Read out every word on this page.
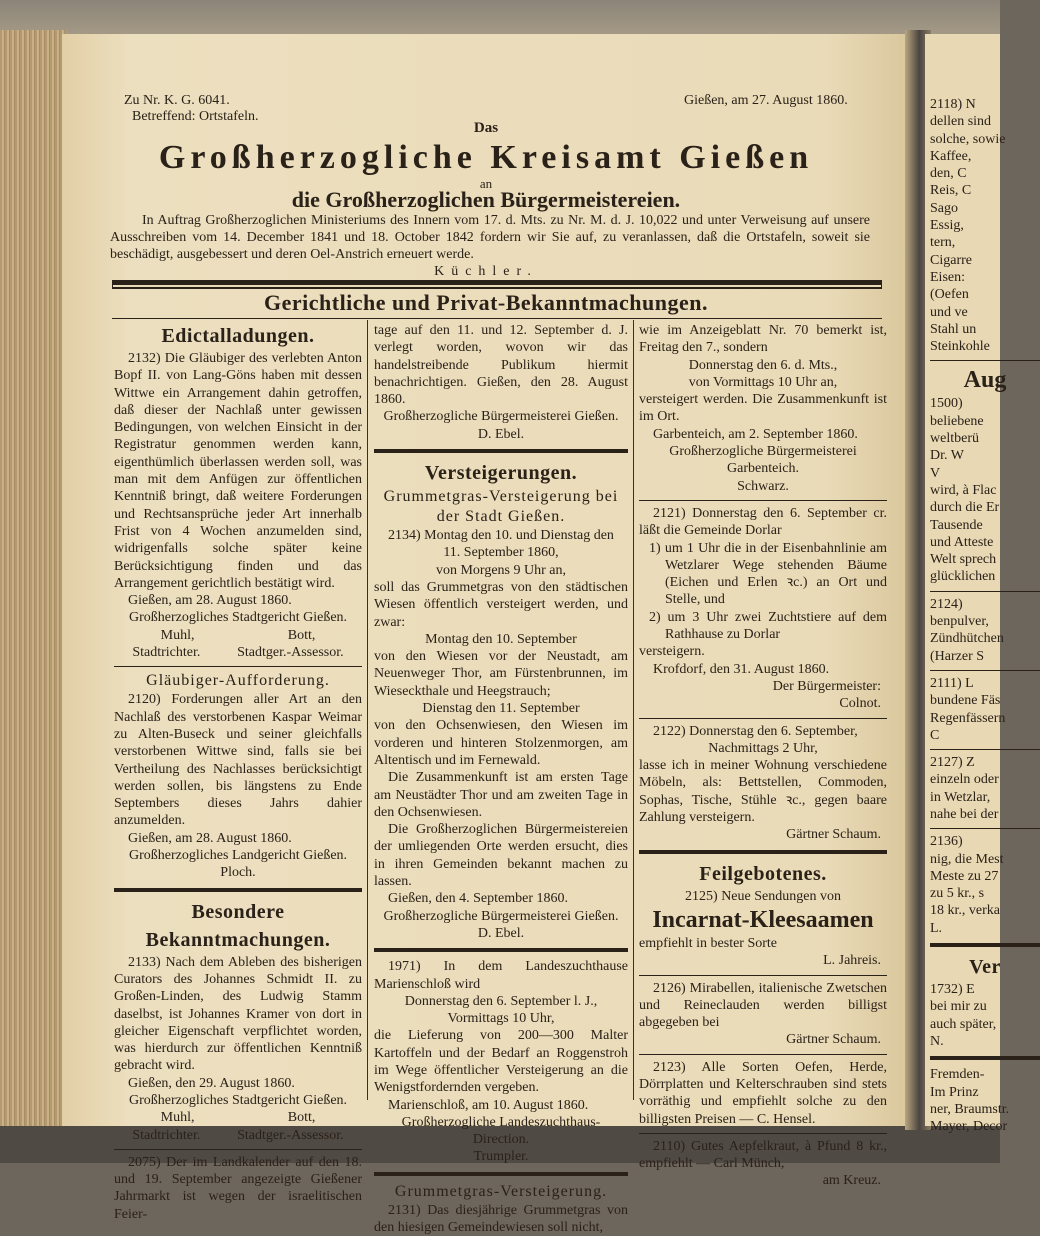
Zu Nr. K. G. 6041.
Betreffend: Ortstafeln.
Gießen, am 27. August 1860.
Das
Großherzogliche Kreisamt Gießen
an
die Großherzoglichen Bürgermeistereien.
In Auftrag Großherzoglichen Ministeriums des Innern vom 17. d. Mts. zu Nr. M. d. J. 10,022 und unter Verweisung auf unsere Ausschreiben vom 14. December 1841 und 18. October 1842 fordern wir Sie auf, zu veranlassen, daß die Ortstafeln, soweit sie beschädigt, ausgebessert und deren Oel-Anstrich erneuert werde.
Küchler.
Gerichtliche und Privat-Bekanntmachungen.
Edictalladungen.
2132) Die Gläubiger des verlebten Anton Bopf II. von Lang-Göns haben mit dessen Wittwe ein Arrangement dahin getroffen, daß dieser der Nachlaß unter gewissen Bedingungen, von welchen Einsicht in der Registratur genommen werden kann, eigenthümlich überlassen werden soll, was man mit dem Anfügen zur öffentlichen Kenntniß bringt, daß weitere Forderungen und Rechtsansprüche jeder Art innerhalb Frist von 4 Wochen anzumelden sind, widrigenfalls solche später keine Berücksichtigung finden und das Arrangement gerichtlich bestätigt wird.
Gießen, am 28. August 1860.
Großherzogliches Stadtgericht Gießen.
Muhl,	Bott,
Stadtrichter.	Stadtger.-Assessor.
Gläubiger-Aufforderung.
2120) Forderungen aller Art an den Nachlaß des verstorbenen Kaspar Weimar zu Alten-Buseck und seiner gleichfalls verstorbenen Wittwe sind, falls sie bei Vertheilung des Nachlasses berücksichtigt werden sollen, bis längstens zu Ende Septembers dieses Jahrs dahier anzumelden.
Gießen, am 28. August 1860.
Großherzogliches Landgericht Gießen.
Ploch.
Besondere Bekanntmachungen.
2133) Nach dem Ableben des bisherigen Curators des Johannes Schmidt II. zu Großen-Linden, des Ludwig Stamm daselbst, ist Johannes Kramer von dort in gleicher Eigenschaft verpflichtet worden, was hierdurch zur öffentlichen Kenntniß gebracht wird.
Gießen, den 29. August 1860.
Großherzogliches Stadtgericht Gießen.
Muhl,	Bott,
Stadtrichter.	Stadtger.-Assessor.
2075) Der im Landkalender auf den 18. und 19. September angezeigte Gießener Jahrmarkt ist wegen der israelitischen Feier-
tage auf den 11. und 12. September d. J. verlegt worden, wovon wir das handelstreibende Publikum hiermit benachrichtigen. Gießen, den 28. August 1860.
Großherzogliche Bürgermeisterei Gießen.
D. Ebel.
Versteigerungen.
Grummetgras-Versteigerung bei der Stadt Gießen.
2134) Montag den 10. und Dienstag den
11. September 1860,
von Morgens 9 Uhr an,
soll das Grummetgras von den städtischen Wiesen öffentlich versteigert werden, und zwar:
Montag den 10. September
von den Wiesen vor der Neustadt, am Neuenweger Thor, am Fürstenbrunnen, im Wieseckthale und Heegstrauch;
Dienstag den 11. September
von den Ochsenwiesen, den Wiesen im vorderen und hinteren Stolzenmorgen, am Altentisch und im Fernewald.
Die Zusammenkunft ist am ersten Tage am Neustädter Thor und am zweiten Tage in den Ochsenwiesen.
Die Großherzoglichen Bürgermeistereien der umliegenden Orte werden ersucht, dies in ihren Gemeinden bekannt machen zu lassen.
Gießen, den 4. September 1860.
Großherzogliche Bürgermeisterei Gießen.
D. Ebel.
1971) In dem Landeszuchthause Marienschloß wird
Donnerstag den 6. September l. J.,
Vormittags 10 Uhr,
die Lieferung von 200—300 Malter Kartoffeln und der Bedarf an Roggenstroh im Wege öffentlicher Versteigerung an die Wenigstfordernden vergeben.
Marienschloß, am 10. August 1860.
Großherzogliche Landeszuchthaus-Direction.
Trumpler.
Grummetgras-Versteigerung.
2131) Das diesjährige Grummetgras von den hiesigen Gemeindewiesen soll nicht,
wie im Anzeigeblatt Nr. 70 bemerkt ist, Freitag den 7., sondern
Donnerstag den 6. d. Mts.,
von Vormittags 10 Uhr an,
versteigert werden. Die Zusammenkunft ist im Ort.
Garbenteich, am 2. September 1860.
Großherzogliche Bürgermeisterei Garbenteich.
Schwarz.
2121) Donnerstag den 6. September cr. läßt die Gemeinde Dorlar
1) um 1 Uhr die in der Eisenbahnlinie am Wetzlarer Wege stehenden Bäume (Eichen und Erlen ꝛc.) an Ort und Stelle, und
2) um 3 Uhr zwei Zuchtstiere auf dem Rathhause zu Dorlar
versteigern.
Krofdorf, den 31. August 1860.
Der Bürgermeister:
Colnot.
2122) Donnerstag den 6. September,
Nachmittags 2 Uhr,
lasse ich in meiner Wohnung verschiedene Möbeln, als: Bettstellen, Commoden, Sophas, Tische, Stühle ꝛc., gegen baare Zahlung versteigern.
Gärtner Schaum.
Feilgebotenes.
2125) Neue Sendungen von
Incarnat-Kleesaamen
empfiehlt in bester Sorte
L. Jahreis.
2126) Mirabellen, italienische Zwetschen und Reineclauden werden billigst abgegeben bei
Gärtner Schaum.
2123) Alle Sorten Oefen, Herde, Dörrplatten und Kelterschrauben sind stets vorräthig und empfiehlt solche zu den billigsten Preisen — C. Hensel.
2110) Gutes Aepfelkraut, à Pfund 8 kr., empfiehlt — Carl Münch,
am Kreuz.
2118) N
dellen sind
solche, sowie
Kaffee,
den, C
Reis, C
Sago
Essig,
tern,
Cigarre
Eisen:
(Oefen
und ve
Stahl un
Steinkohle
Aug
1500)
beliebene
weltberü
Dr. W
V
wird, à Flac
durch die Er
Tausende
und Atteste
Welt sprech
glücklichen
2124)
benpulver,
Zündhütchen
(Harzer S
2111) L
bundene Fäs
Regenfässern
C
2127) Z
einzeln oder
in Wetzlar,
nahe bei der
2136)
nig, die Mest
Meste zu 27
zu 5 kr., s
18 kr., verka
L.
Ver
1732) E
bei mir zu
auch später,
N.
Fremden-
Im Prinz
ner, Braumstr.
Mayer, Decor
